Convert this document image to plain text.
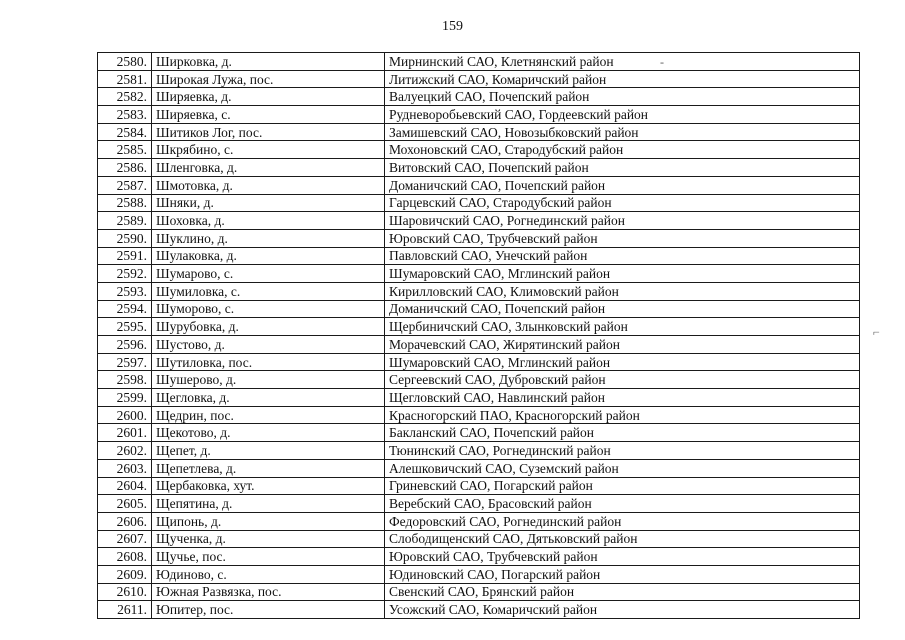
159
2580.	Ширковка, д.	Мирнинский САО, Клетнянский район
2581.	Широкая Лужа, пос.	Литижский САО, Комаричский район
2582.	Ширяевка, д.	Валуецкий САО, Почепский район
2583.	Ширяевка, с.	Рудневоробьевский САО, Гордеевский район
2584.	Шитиков Лог, пос.	Замишевский САО, Новозыбковский район
2585.	Шкрябино, с.	Мохоновский САО, Стародубский район
2586.	Шленговка, д.	Витовский САО, Почепский район
2587.	Шмотовка, д.	Доманичский САО, Почепский район
2588.	Шняки, д.	Гарцевский САО, Стародубский район
2589.	Шоховка, д.	Шаровичский САО, Рогнединский район
2590.	Шуклино, д.	Юровский САО, Трубчевский район
2591.	Шулаковка, д.	Павловский САО, Унечский район
2592.	Шумарово, с.	Шумаровский САО, Мглинский район
2593.	Шумиловка, с.	Кирилловский САО, Климовский район
2594.	Шуморово, с.	Доманичский САО, Почепский район
2595.	Шурубовка, д.	Щербиничский САО, Злынковский район
2596.	Шустово, д.	Морачевский САО, Жирятинский район
2597.	Шутиловка, пос.	Шумаровский САО, Мглинский район
2598.	Шушерово, д.	Сергеевский САО, Дубровский район
2599.	Щегловка, д.	Щегловский САО, Навлинский район
2600.	Щедрин, пос.	Красногорский ПАО, Красногорский район
2601.	Щекотово, д.	Бакланский САО, Почепский район
2602.	Щепет, д.	Тюнинский САО, Рогнединский район
2603.	Щепетлева, д.	Алешковичский САО, Суземский район
2604.	Щербаковка, хут.	Гриневский САО, Погарский район
2605.	Щепятина, д.	Веребский САО, Брасовский район
2606.	Щипонь, д.	Федоровский САО, Рогнединский район
2607.	Щученка, д.	Слободищенский САО, Дятьковский район
2608.	Щучье, пос.	Юровский САО, Трубчевский район
2609.	Юдиново, с.	Юдиновский САО, Погарский район
2610.	Южная Развязка, пос.	Свенский САО, Брянский район
2611.	Юпитер, пос.	Усожский САО, Комаричский район
-
⌐
